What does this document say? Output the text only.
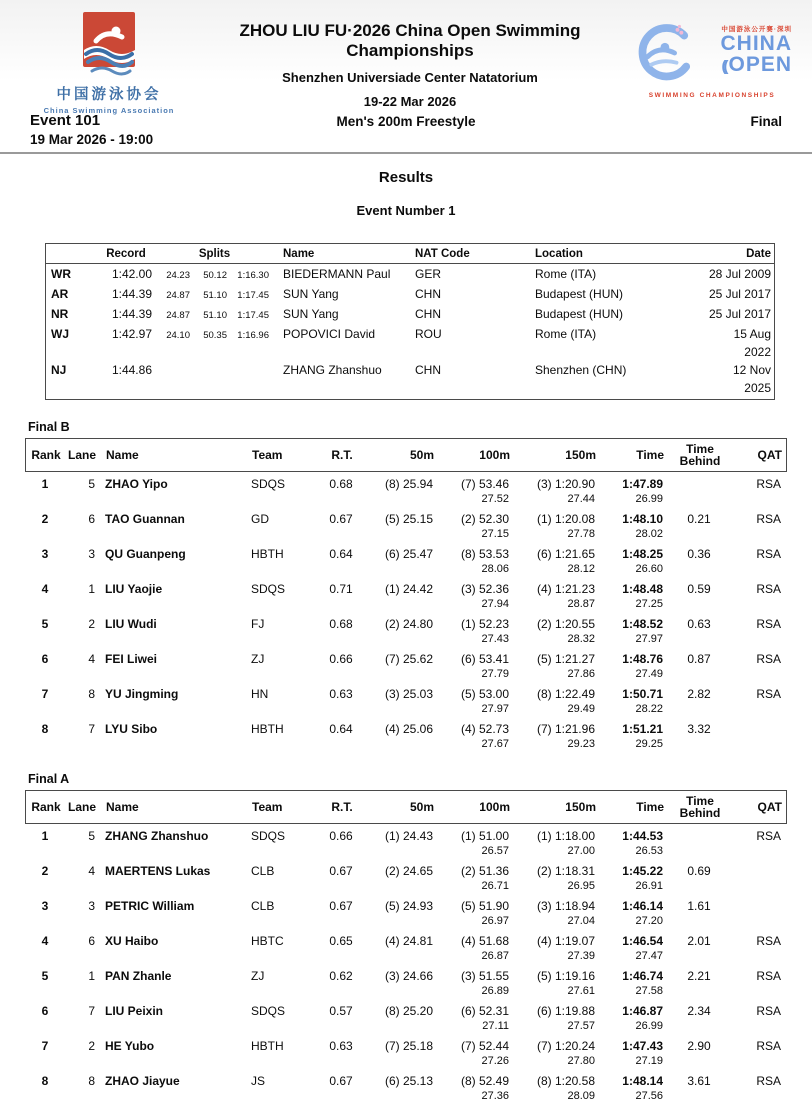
中国游泳协会
China Swimming Association
ZHOU LIU FU·2026 China Open Swimming Championships
Shenzhen Universiade Center Natatorium
19-22 Mar 2026
中国游泳公开赛·深圳
CHINA
(( OPEN
SWIMMING CHAMPIONSHIPS
Event 101
19 Mar 2026 - 19:00
Men's 200m Freestyle	Final
Results
Event Number 1
Record	Splits	Name	NAT Code	Location	Date
WR	1:42.00	24.23	50.12	1:16.30	BIEDERMANN Paul	GER	Rome (ITA)	28 Jul 2009
AR	1:44.39	24.87	51.10	1:17.45	SUN Yang	CHN	Budapest (HUN)	25 Jul 2017
NR	1:44.39	24.87	51.10	1:17.45	SUN Yang	CHN	Budapest (HUN)	25 Jul 2017
WJ	1:42.97	24.10	50.35	1:16.96	POPOVICI David	ROU	Rome (ITA)	15 Aug 2022
NJ	1:44.86	ZHANG Zhanshuo	CHN	Shenzhen (CHN)	12 Nov 2025
Final B
Rank Lane Name	Team	R.T.	50m	100m	150m	Time	Time
Behind	QAT
1	5 ZHAO Yipo	SDQS	0.68	(8) 25.94	(7) 53.46	(3) 1:20.90	1:47.89	RSA
27.52	27.44	26.99
2	6 TAO Guannan	GD	0.67	(5) 25.15	(2) 52.30	(1) 1:20.08	1:48.10	0.21	RSA
27.15	27.78	28.02
3	3 QU Guanpeng	HBTH	0.64	(6) 25.47	(8) 53.53	(6) 1:21.65	1:48.25	0.36	RSA
28.06	28.12	26.60
4	1 LIU Yaojie	SDQS	0.71	(1) 24.42	(3) 52.36	(4) 1:21.23	1:48.48	0.59	RSA
27.94	28.87	27.25
5	2 LIU Wudi	FJ	0.68	(2) 24.80	(1) 52.23	(2) 1:20.55	1:48.52	0.63	RSA
27.43	28.32	27.97
6	4 FEI Liwei	ZJ	0.66	(7) 25.62	(6) 53.41	(5) 1:21.27	1:48.76	0.87	RSA
27.79	27.86	27.49
7	8 YU Jingming	HN	0.63	(3) 25.03	(5) 53.00	(8) 1:22.49	1:50.71	2.82	RSA
27.97	29.49	28.22
8	7 LYU Sibo	HBTH	0.64	(4) 25.06	(4) 52.73	(7) 1:21.96	1:51.21	3.32
27.67	29.23	29.25
Final A
Rank Lane Name	Team	R.T.	50m	100m	150m	Time	Time
Behind	QAT
1	5 ZHANG Zhanshuo	SDQS	0.66	(1) 24.43	(1) 51.00	(1) 1:18.00	1:44.53	RSA
26.57	27.00	26.53
2	4 MAERTENS Lukas	CLB	0.67	(2) 24.65	(2) 51.36	(2) 1:18.31	1:45.22	0.69
26.71	26.95	26.91
3	3 PETRIC William	CLB	0.67	(5) 24.93	(5) 51.90	(3) 1:18.94	1:46.14	1.61
26.97	27.04	27.20
4	6 XU Haibo	HBTC	0.65	(4) 24.81	(4) 51.68	(4) 1:19.07	1:46.54	2.01	RSA
26.87	27.39	27.47
5	1 PAN Zhanle	ZJ	0.62	(3) 24.66	(3) 51.55	(5) 1:19.16	1:46.74	2.21	RSA
26.89	27.61	27.58
6	7 LIU Peixin	SDQS	0.57	(8) 25.20	(6) 52.31	(6) 1:19.88	1:46.87	2.34	RSA
27.11	27.57	26.99
7	2 HE Yubo	HBTH	0.63	(7) 25.18	(7) 52.44	(7) 1:20.24	1:47.43	2.90	RSA
27.26	27.80	27.19
8	8 ZHAO Jiayue	JS	0.67	(6) 25.13	(8) 52.49	(8) 1:20.58	1:48.14	3.61	RSA
27.36	28.09	27.56
